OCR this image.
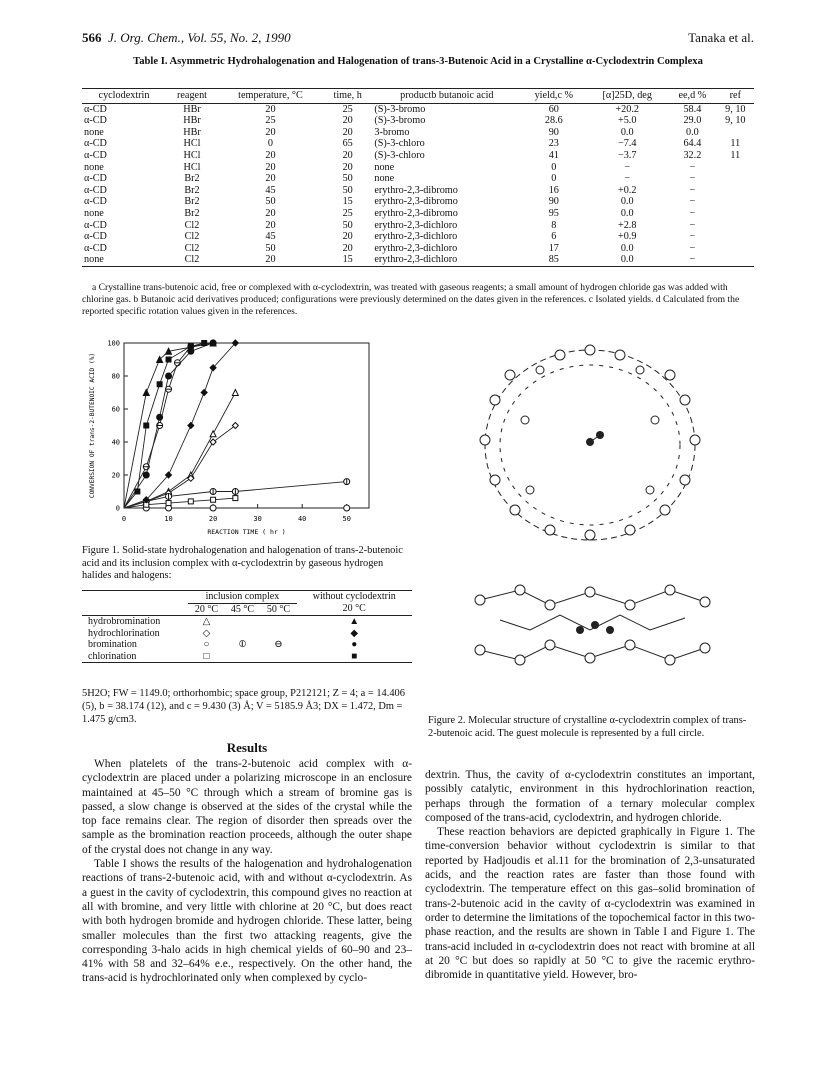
566 J. Org. Chem., Vol. 55, No. 2, 1990	Tanaka et al.
Table I. Asymmetric Hydrohalogenation and Halogenation of trans-3-Butenoic Acid in a Crystalline α-Cyclodextrin Complexa
cyclodextrin	reagent	temperature, °C	time, h	productb butanoic acid	yield,c %	[α]25D, deg	ee,d %	ref
α-CD	HBr	20	25	(S)-3-bromo	60	+20.2	58.4	9, 10
α-CD	HBr	25	20	(S)-3-bromo	28.6	+5.0	29.0	9, 10
none	HBr	20	20	3-bromo	90	0.0	0.0	
α-CD	HCl	0	65	(S)-3-chloro	23	−7.4	64.4	11
α-CD	HCl	20	20	(S)-3-chloro	41	−3.7	32.2	11
none	HCl	20	20	none	0	−	−	
α-CD	Br2	20	50	none	0	−	−	
α-CD	Br2	45	50	erythro-2,3-dibromo	16	+0.2	−	
α-CD	Br2	50	15	erythro-2,3-dibromo	90	0.0	−	
none	Br2	20	25	erythro-2,3-dibromo	95	0.0	−	
α-CD	Cl2	20	50	erythro-2,3-dichloro	8	+2.8	−	
α-CD	Cl2	45	20	erythro-2,3-dichloro	6	+0.9	−	
α-CD	Cl2	50	20	erythro-2,3-dichloro	17	0.0	−	
none	Cl2	20	15	erythro-2,3-dichloro	85	0.0	−	
a Crystalline trans-butenoic acid, free or complexed with α-cyclodextrin, was treated with gaseous reagents; a small amount of hydrogen chloride gas was added with chlorine gas. b Butanoic acid derivatives produced; configurations were previously determined on the dates given in the references. c Isolated yields. d Calculated from the reported specific rotation values given in the references.
0	10	20	30	40	50
0
20
40
60
80
100
REACTION TIME ( hr )
CONVERSION OF trans-2-BUTENOIC ACID (%)
Figure 1. Solid-state hydrohalogenation and halogenation of trans-2-butenoic acid and its inclusion complex with α-cyclodextrin by gaseous hydrogen halides and halogens:
	inclusion complex			without cyclodextrin
	20 °C	45 °C	50 °C	20 °C
hydrobromination	△			▲
hydrochlorination	◇			◆
bromination	○	⦶	⊖	●
chlorination	□			■
5H2O; FW = 1149.0; orthorhombic; space group, P212121; Z = 4; a = 14.406 (5), b = 38.174 (12), and c = 9.430 (3) Å; V = 5185.9 Å3; DX = 1.472, Dm = 1.475 g/cm3.
Results

When platelets of the trans-2-butenoic acid complex with α-cyclodextrin are placed under a polarizing microscope in an enclosure maintained at 45–50 °C through which a stream of bromine gas is passed, a slow change is observed at the sides of the crystal while the top face remains clear. The region of disorder then spreads over the sample as the bromination reaction proceeds, although the outer shape of the crystal does not change in any way.

Table I shows the results of the halogenation and hydrohalogenation reactions of trans-2-butenoic acid, with and without α-cyclodextrin. As a guest in the cavity of cyclodextrin, this compound gives no reaction at all with bromine, and very little with chlorine at 20 °C, but does react with both hydrogen bromide and hydrogen chloride. These latter, being smaller molecules than the first two attacking reagents, give the corresponding 3-halo acids in high chemical yields of 60–90 and 23–41% with 58 and 32–64% e.e., respectively. On the other hand, the trans-acid is hydrochlorinated only when complexed by cyclo-

Figure 2. Molecular structure of crystalline α-cyclodextrin complex of trans-2-butenoic acid. The guest molecule is represented by a full circle.

dextrin. Thus, the cavity of α-cyclodextrin constitutes an important, possibly catalytic, environment in this hydrochlorination reaction, perhaps through the formation of a ternary molecular complex composed of the trans-acid, cyclodextrin, and hydrogen chloride.

These reaction behaviors are depicted graphically in Figure 1. The time-conversion behavior without cyclodextrin is similar to that reported by Hadjoudis et al.11 for the bromination of 2,3-unsaturated acids, and the reaction rates are faster than those found with cyclodextrin. The temperature effect on this gas–solid bromination of trans-2-butenoic acid in the cavity of α-cyclodextrin was examined in order to determine the limitations of the topochemical factor in this two-phase reaction, and the results are shown in Table I and Figure 1. The trans-acid included in α-cyclodextrin does not react with bromine at all at 20 °C but does so rapidly at 50 °C to give the racemic erythro-dibromide in quantitative yield. However, bro-
